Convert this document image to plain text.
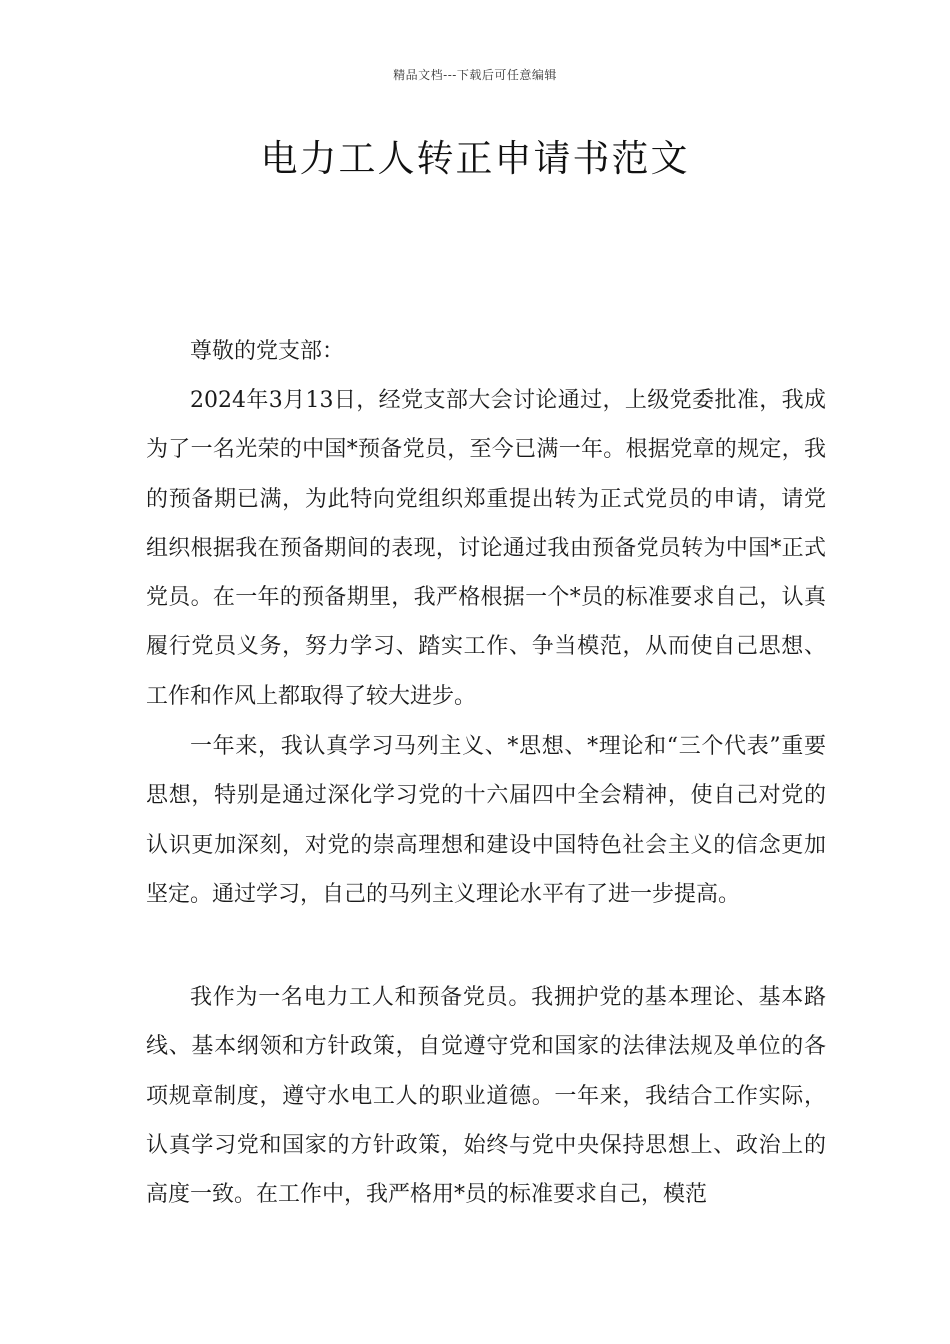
精品文档---下载后可任意编辑
电力工人转正申请书范文
尊敬的党支部：

2024年3月13日，经党支部大会讨论通过，上级党委批准，我成为了一名光荣的中国*预备党员，至今已满一年。根据党章的规定，我的预备期已满，为此特向党组织郑重提出转为正式党员的申请，请党组织根据我在预备期间的表现，讨论通过我由预备党员转为中国*正式党员。在一年的预备期里，我严格根据一个*员的标准要求自己，认真履行党员义务，努力学习、踏实工作、争当模范，从而使自己思想、工作和作风上都取得了较大进步。

一年来，我认真学习马列主义、*思想、*理论和“三个代表”重要思想，特别是通过深化学习党的十六届四中全会精神，使自己对党的认识更加深刻，对党的崇高理想和建设中国特色社会主义的信念更加坚定。通过学习，自己的马列主义理论水平有了进一步提高。

我作为一名电力工人和预备党员。我拥护党的基本理论、基本路线、基本纲领和方针政策，自觉遵守党和国家的法律法规及单位的各项规章制度，遵守水电工人的职业道德。一年来，我结合工作实际，认真学习党和国家的方针政策，始终与党中央保持思想上、政治上的高度一致。在工作中，我严格用*员的标准要求自己，模范
